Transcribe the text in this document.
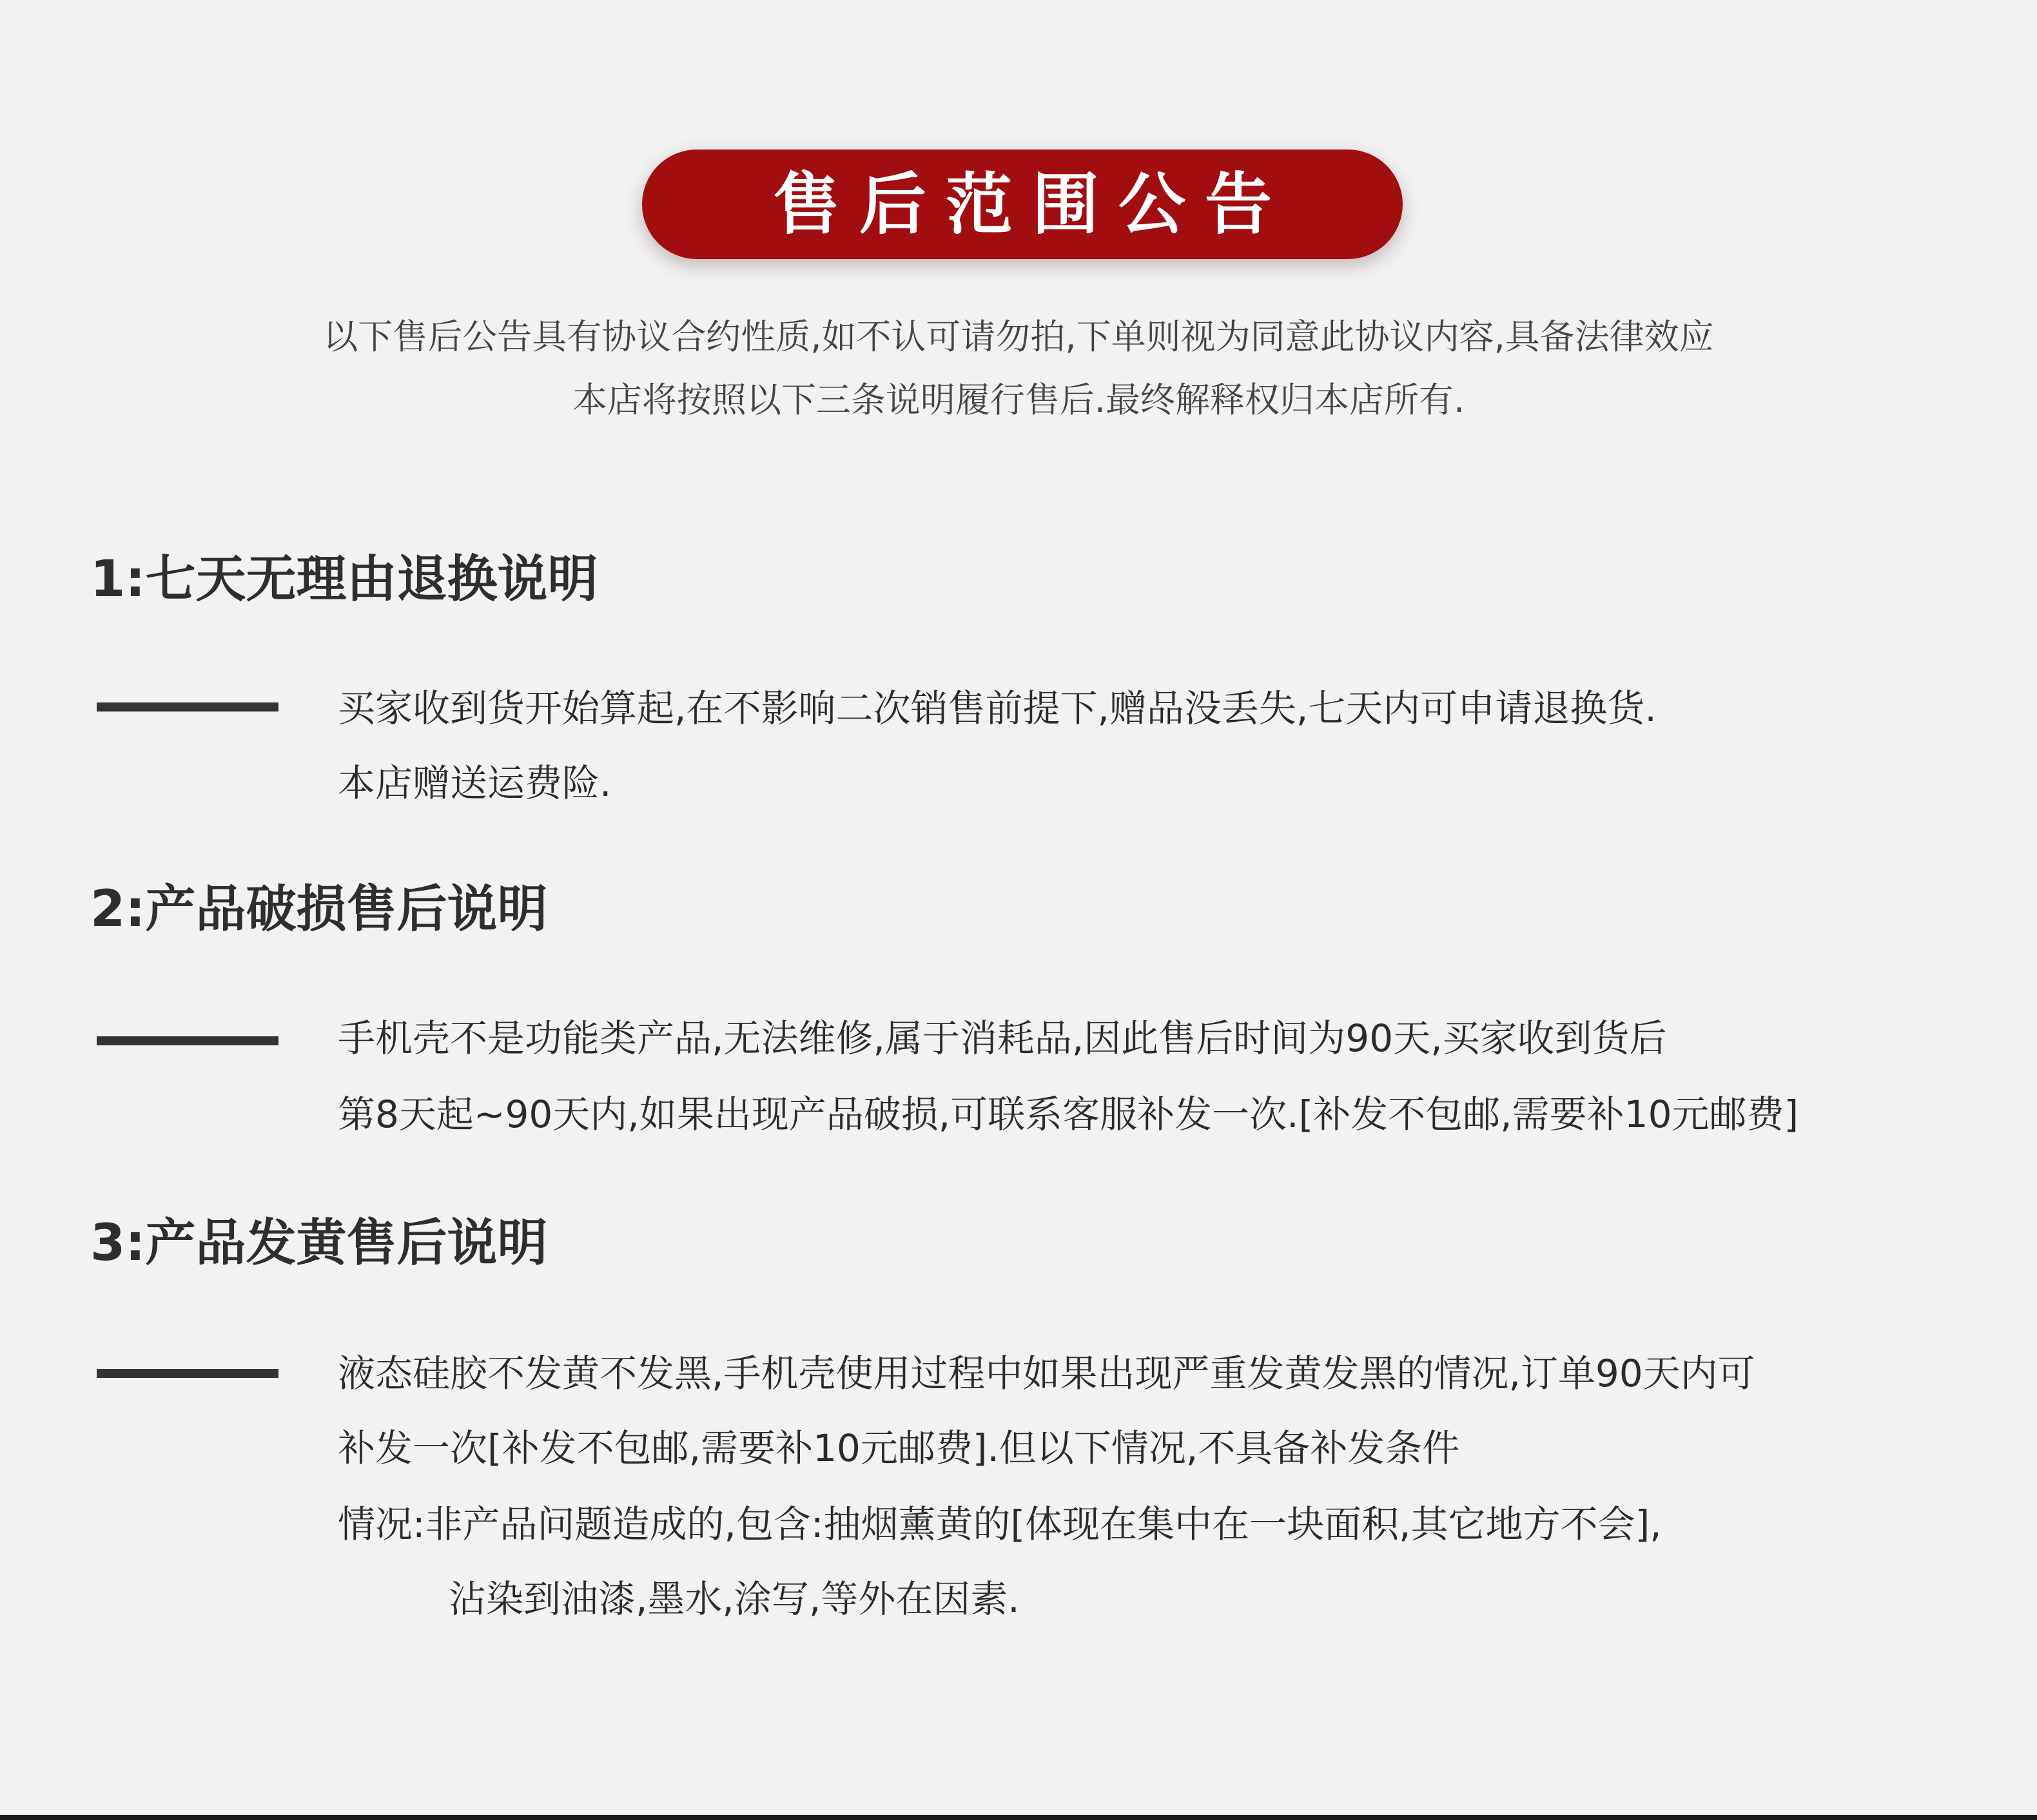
售后范围公告
以下售后公告具有协议合约性质,如不认可请勿拍,下单则视为同意此协议内容,具备法律效应
本店将按照以下三条说明履行售后.最终解释权归本店所有.
1:七天无理由退换说明
买家收到货开始算起,在不影响二次销售前提下,赠品没丢失,七天内可申请退换货.
本店赠送运费险.
2:产品破损售后说明
手机壳不是功能类产品,无法维修,属于消耗品,因此售后时间为90天,买家收到货后
第8天起~90天内,如果出现产品破损,可联系客服补发一次.[补发不包邮,需要补10元邮费]
3:产品发黄售后说明
液态硅胶不发黄不发黑,手机壳使用过程中如果出现严重发黄发黑的情况,订单90天内可
补发一次[补发不包邮,需要补10元邮费].但以下情况,不具备补发条件
情况:非产品问题造成的,包含:抽烟薰黄的[体现在集中在一块面积,其它地方不会],
沾染到油漆,墨水,涂写,等外在因素.
